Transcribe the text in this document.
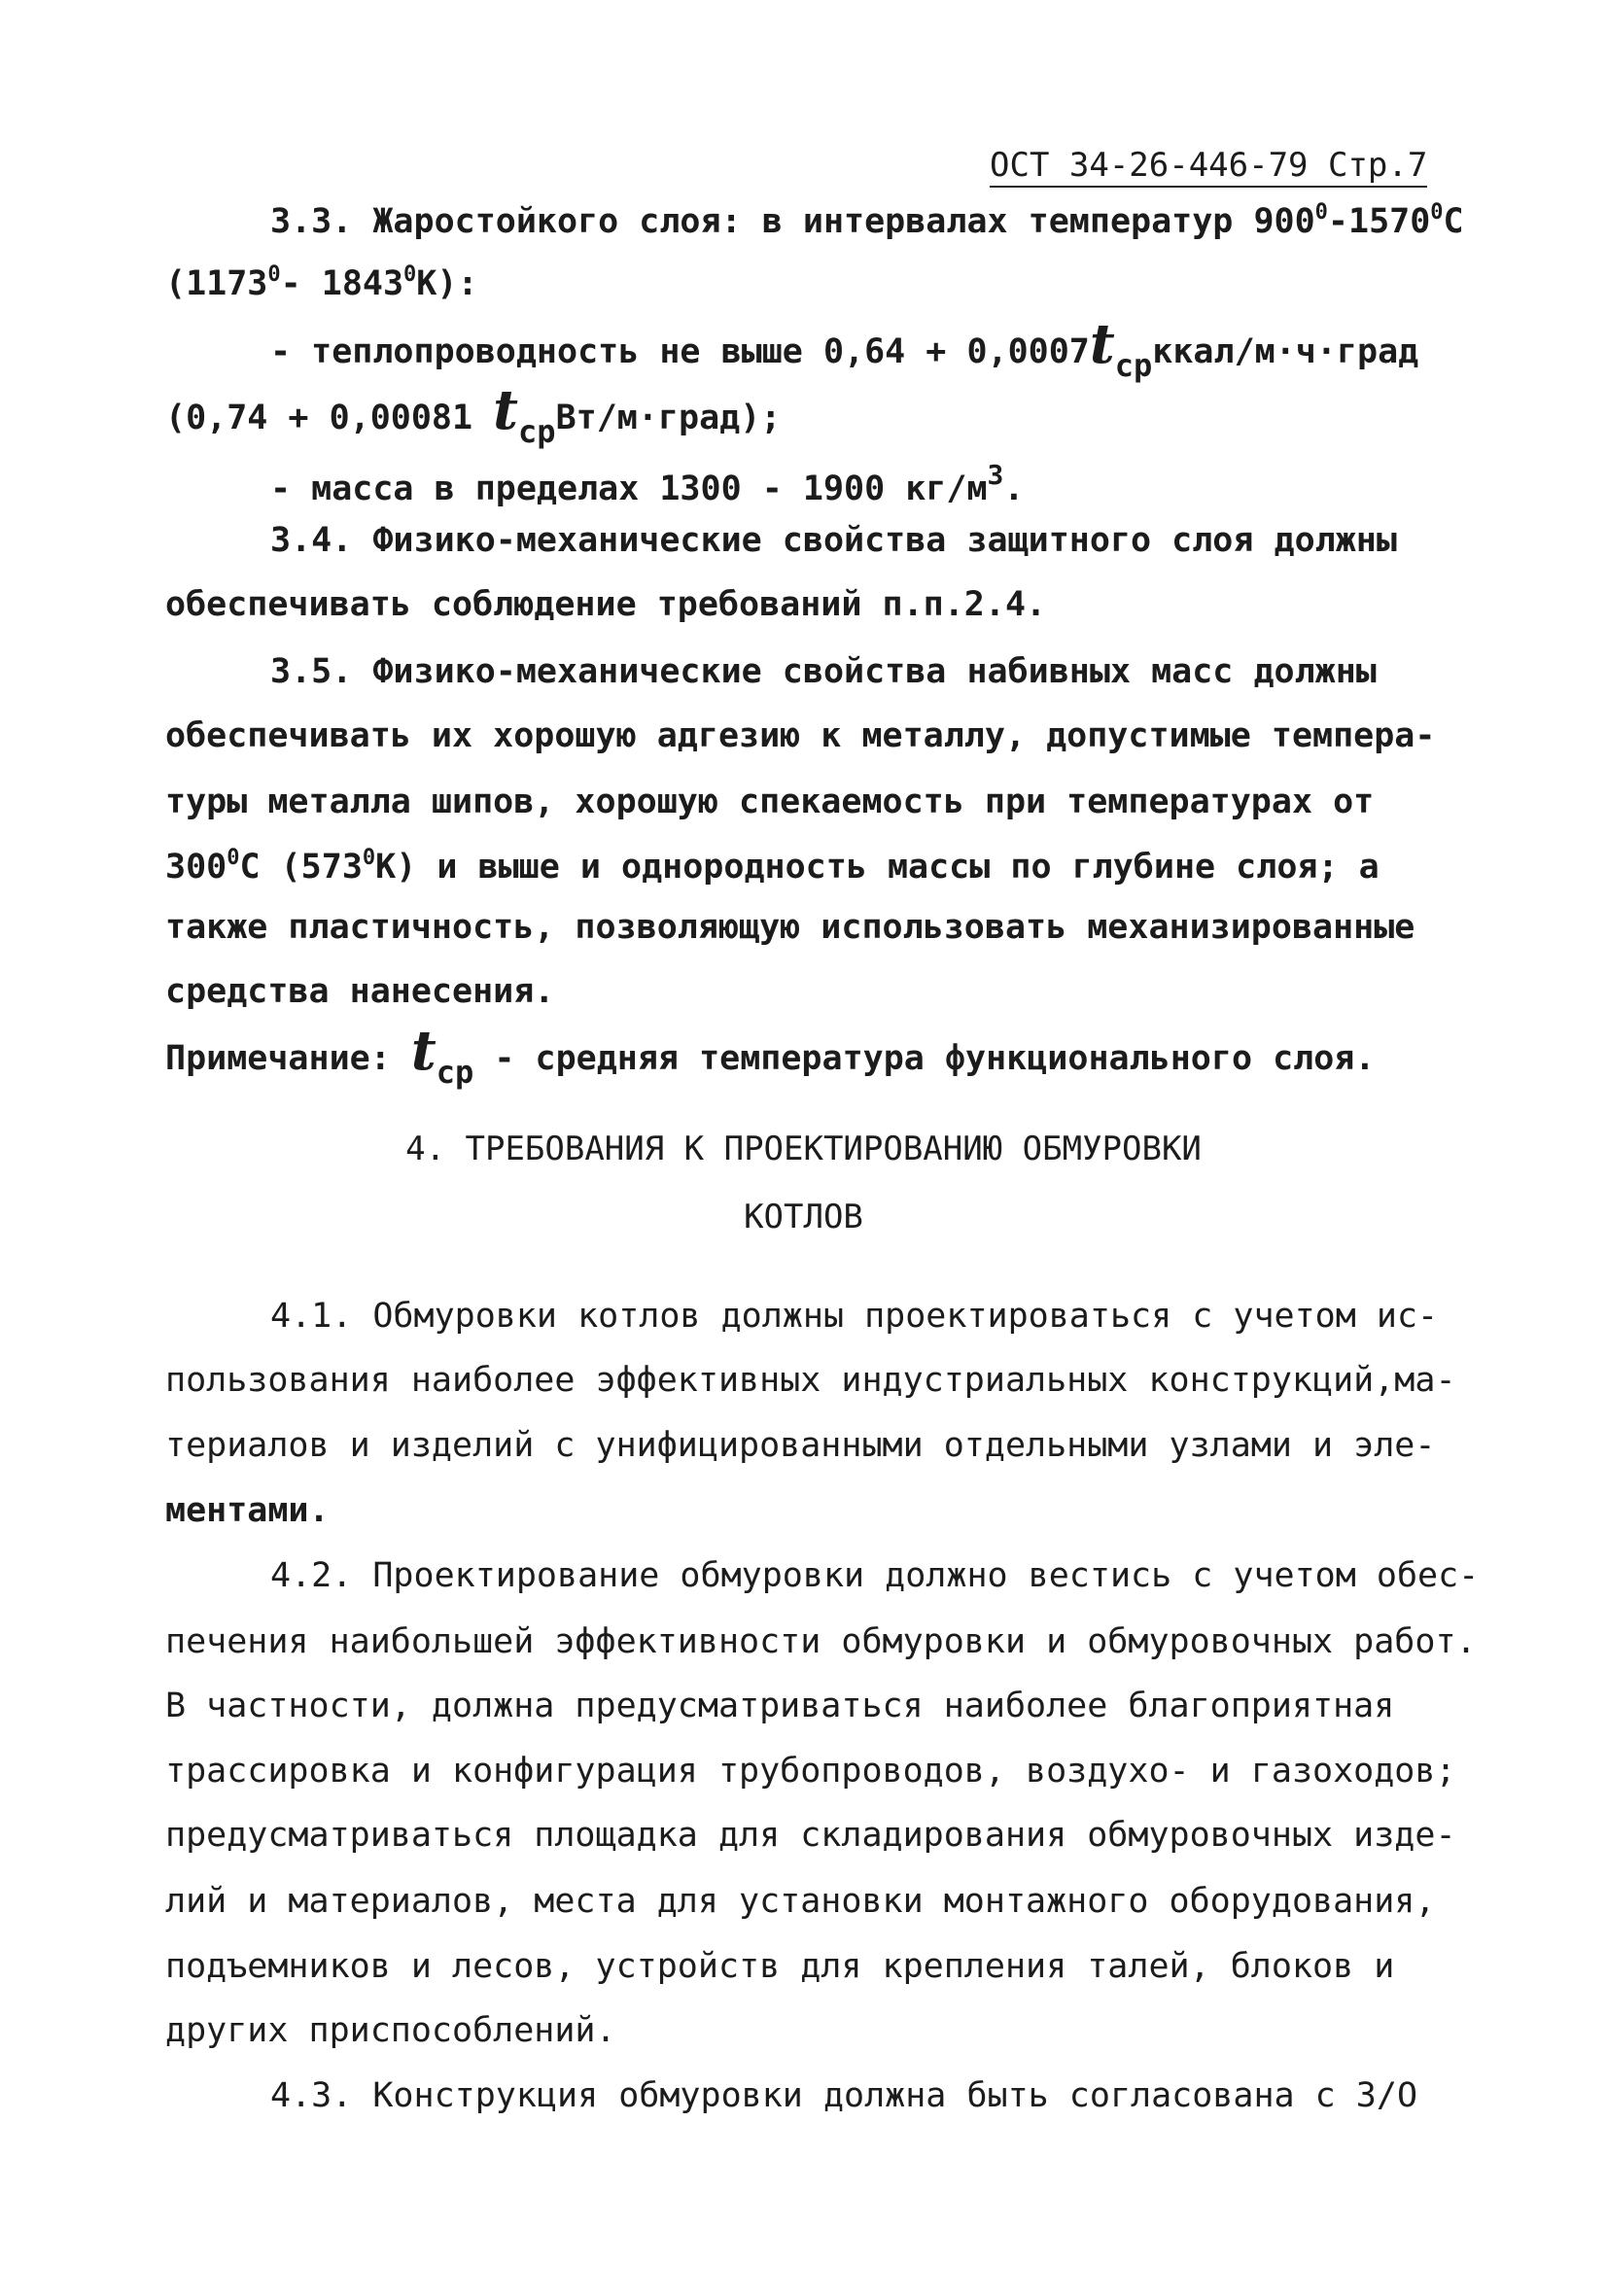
ОСТ 34-26-446-79 Стр.7
3.3. Жаростойкого слоя: в интервалах температур $900^0-1570^0С$
(1173$^0$- 1843$^0$К):
- теплопроводность не выше 0,64 + 0,0007tсрккал/м·ч·град
(0,74 + 0,00081 tсрВт/м·град);
- масса в пределах 1300 - 1900 $кг/м^3$.
3.4. Физико-механические свойства защитного слоя должны
обеспечивать соблюдение требований п.п.2.4.
3.5. Физико-механические свойства набивных масс должны
обеспечивать их хорошую адгезию к металлу, допустимые темпера-
туры металла шипов, хорошую спекаемость при температурах от
$300^0С$ $(573^0К)$ и выше и однородность массы по глубине слоя; а
также пластичность, позволяющую использовать механизированные
средства нанесения.
Примечание: tср - средняя температура функционального слоя.
4. ТРЕБОВАНИЯ К ПРОЕКТИРОВАНИЮ ОБМУРОВКИ
КОТЛОВ
4.1. Обмуровки котлов должны проектироваться с учетом ис-
пользования наиболее эффективных индустриальных конструкций,ма-
териалов и изделий с унифицированными отдельными узлами и эле-
ментами.
4.2. Проектирование обмуровки должно вестись с учетом обес-
печения наибольшей эффективности обмуровки и обмуровочных работ.
В частности, должна предусматриваться наиболее благоприятная
трассировка и конфигурация трубопроводов, воздухо- и газоходов;
предусматриваться площадка для складирования обмуровочных изде-
лий и материалов, места для установки монтажного оборудования,
подъемников и лесов, устройств для крепления талей, блоков и
других приспособлений.
4.3. Конструкция обмуровки должна быть согласована с З/О
